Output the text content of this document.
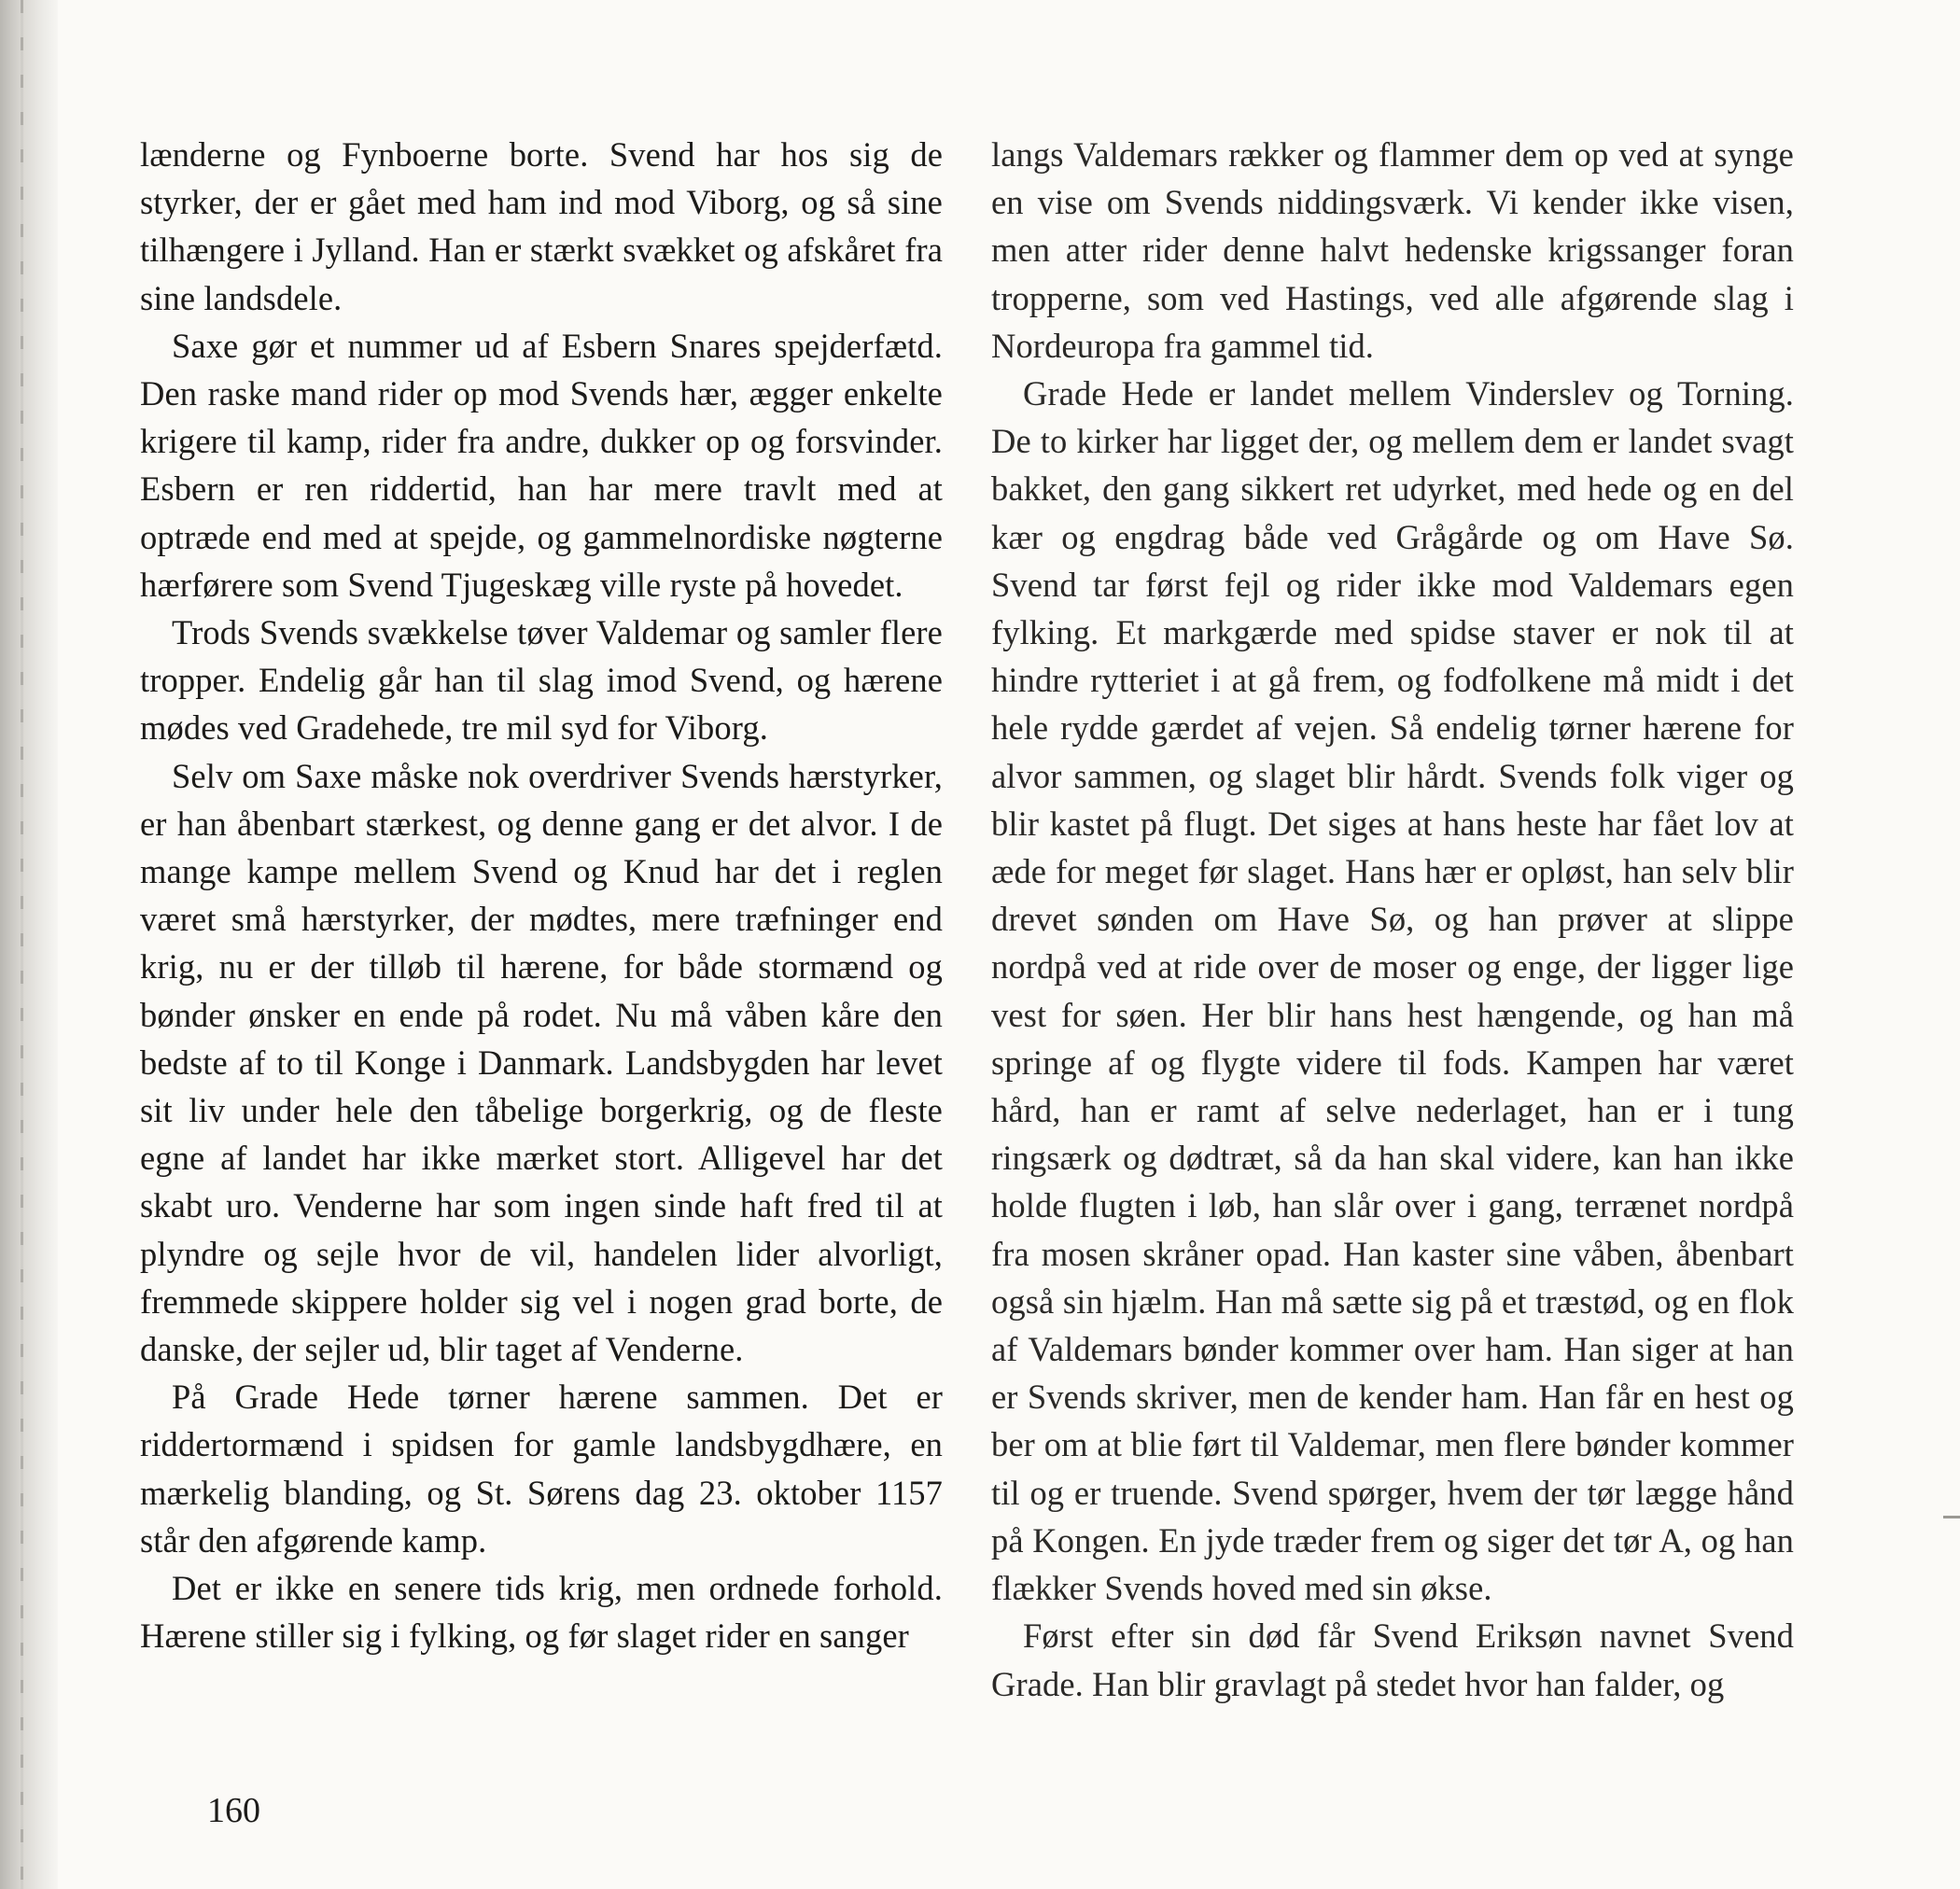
lænderne og Fynboerne borte. Svend har hos sig de styrker, der er gået med ham ind mod Viborg, og så sine tilhængere i Jylland. Han er stærkt svækket og afskåret fra sine landsdele.

Saxe gør et nummer ud af Esbern Snares spejderfætd. Den raske mand rider op mod Svends hær, ægger enkelte krigere til kamp, rider fra andre, dukker op og forsvinder. Esbern er ren riddertid, han har mere travlt med at optræde end med at spejde, og gammelnordiske nøgterne hærførere som Svend Tjugeskæg ville ryste på hovedet.

Trods Svends svækkelse tøver Valdemar og samler flere tropper. Endelig går han til slag imod Svend, og hærene mødes ved Gradehede, tre mil syd for Viborg.

Selv om Saxe måske nok overdriver Svends hærstyrker, er han åbenbart stærkest, og denne gang er det alvor. I de mange kampe mellem Svend og Knud har det i reglen været små hærstyrker, der mødtes, mere træfninger end krig, nu er der tilløb til hærene, for både stormænd og bønder ønsker en ende på rodet. Nu må våben kåre den bedste af to til Konge i Danmark. Landsbygden har levet sit liv under hele den tåbelige borgerkrig, og de fleste egne af landet har ikke mærket stort. Alligevel har det skabt uro. Venderne har som ingen sinde haft fred til at plyndre og sejle hvor de vil, handelen lider alvorligt, fremmede skippere holder sig vel i nogen grad borte, de danske, der sejler ud, blir taget af Venderne.

På Grade Hede tørner hærene sammen. Det er riddertormænd i spidsen for gamle landsbygdhære, en mærkelig blanding, og St. Sørens dag 23. oktober 1157 står den afgørende kamp.

Det er ikke en senere tids krig, men ordnede forhold. Hærene stiller sig i fylking, og før slaget rider en sanger

langs Valdemars rækker og flammer dem op ved at synge en vise om Svends niddingsværk. Vi kender ikke visen, men atter rider denne halvt hedenske krigssanger foran tropperne, som ved Hastings, ved alle afgørende slag i Nordeuropa fra gammel tid.

Grade Hede er landet mellem Vinderslev og Torning. De to kirker har ligget der, og mellem dem er landet svagt bakket, den gang sikkert ret udyrket, med hede og en del kær og engdrag både ved Grågårde og om Have Sø. Svend tar først fejl og rider ikke mod Valdemars egen fylking. Et markgærde med spidse staver er nok til at hindre rytteriet i at gå frem, og fodfolkene må midt i det hele rydde gærdet af vejen. Så endelig tørner hærene for alvor sammen, og slaget blir hårdt. Svends folk viger og blir kastet på flugt. Det siges at hans heste har fået lov at æde for meget før slaget. Hans hær er opløst, han selv blir drevet sønden om Have Sø, og han prøver at slippe nordpå ved at ride over de moser og enge, der ligger lige vest for søen. Her blir hans hest hængende, og han må springe af og flygte videre til fods. Kampen har været hård, han er ramt af selve nederlaget, han er i tung ringsærk og dødtræt, så da han skal videre, kan han ikke holde flugten i løb, han slår over i gang, terrænet nordpå fra mosen skråner opad. Han kaster sine våben, åbenbart også sin hjælm. Han må sætte sig på et træstød, og en flok af Valdemars bønder kommer over ham. Han siger at han er Svends skriver, men de kender ham. Han får en hest og ber om at blie ført til Valdemar, men flere bønder kommer til og er truende. Svend spørger, hvem der tør lægge hånd på Kongen. En jyde træder frem og siger det tør A, og han flækker Svends hoved med sin økse.

Først efter sin død får Svend Eriksøn navnet Svend Grade. Han blir gravlagt på stedet hvor han falder, og

160
